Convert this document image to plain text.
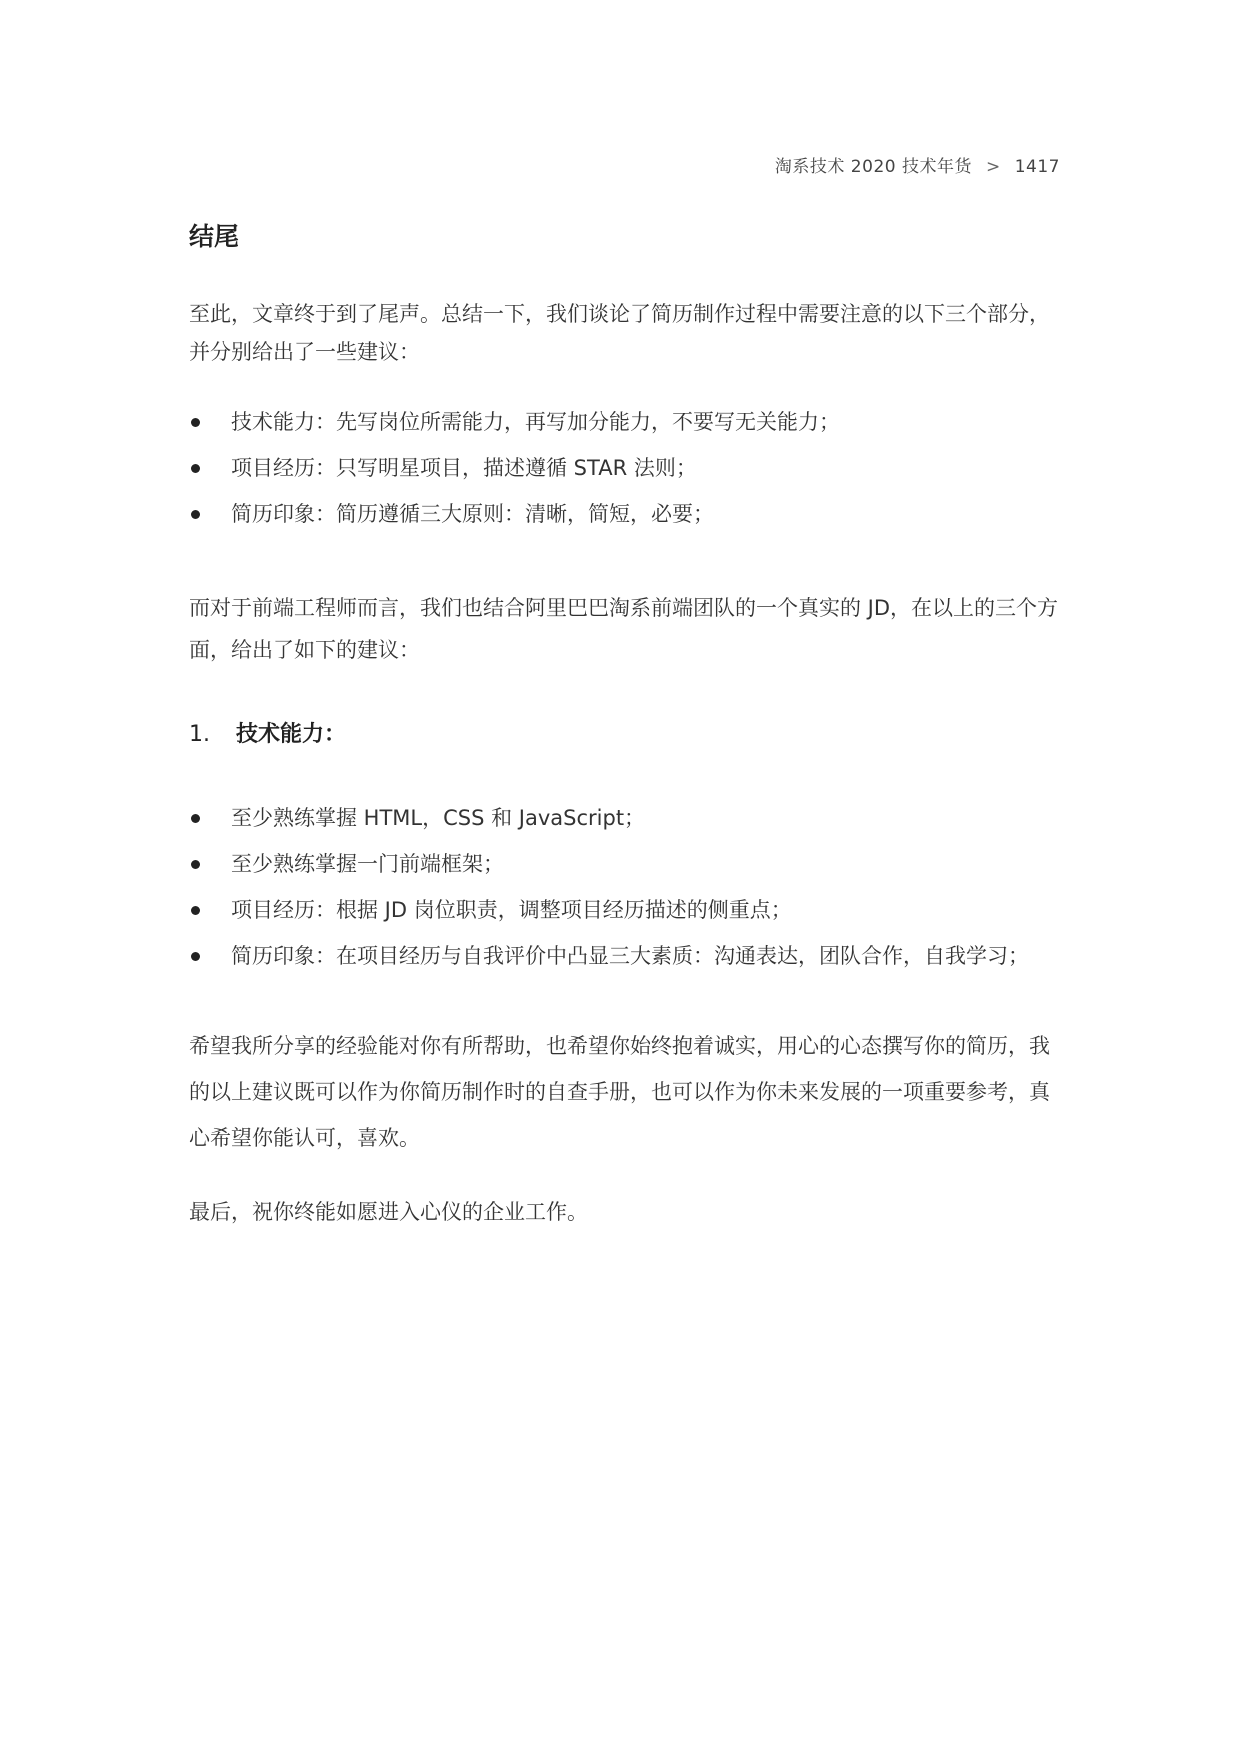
淘系技术 2020 技术年货 > 1417
结尾

至此，文章终于到了尾声。总结一下，我们谈论了简历制作过程中需要注意的以下三个部分，并分别给出了一些建议：

技术能力：先写岗位所需能力，再写加分能力，不要写无关能力；
项目经历：只写明星项目，描述遵循 STAR 法则；
简历印象：简历遵循三大原则：清晰，简短，必要；

而对于前端工程师而言，我们也结合阿里巴巴淘系前端团队的一个真实的 JD，在以上的三个方面，给出了如下的建议：

1. 技术能力：
至少熟练掌握 HTML，CSS 和 JavaScript；
至少熟练掌握一门前端框架；
项目经历：根据 JD 岗位职责，调整项目经历描述的侧重点；
简历印象：在项目经历与自我评价中凸显三大素质：沟通表达，团队合作，自我学习；

希望我所分享的经验能对你有所帮助，也希望你始终抱着诚实，用心的心态撰写你的简历，我的以上建议既可以作为你简历制作时的自查手册，也可以作为你未来发展的一项重要参考，真心希望你能认可，喜欢。

最后，祝你终能如愿进入心仪的企业工作。
